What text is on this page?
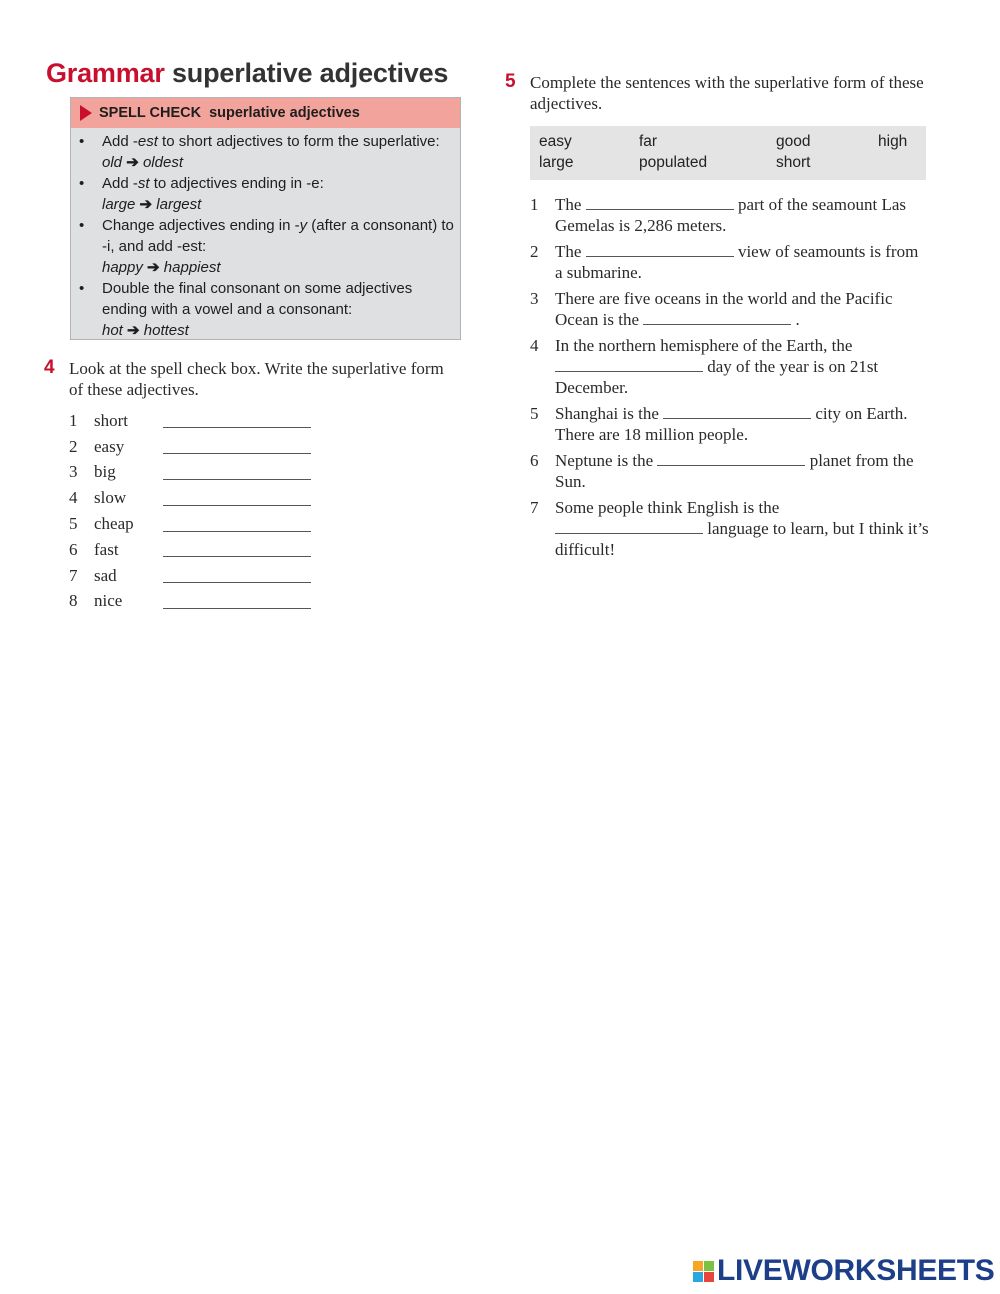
Grammar superlative adjectives
SPELL CHECK superlative adjectives
• Add -est to short adjectives to form the superlative: old ➔ oldest
• Add -st to adjectives ending in -e:
large ➔ largest
• Change adjectives ending in -y (after a consonant) to -i, and add -est:
happy ➔ happiest
• Double the final consonant on some adjectives ending with a vowel and a consonant:
hot ➔ hottest
4 Look at the spell check box. Write the superlative form of these adjectives.
1 short
2 easy
3 big
4 slow
5 cheap
6 fast
7 sad
8 nice
5 Complete the sentences with the superlative form of these adjectives.
easy	far	good	high
large	populated	short
1 The	part of the seamount Las Gemelas is 2,286 meters.
2 The	view of seamounts is from a submarine.
3 There are five oceans in the world and the Pacific Ocean is the	.
4 In the northern hemisphere of the Earth, the  day of the year is on 21st December.
5 Shanghai is the	city on Earth. There are 18 million people.
6 Neptune is the	planet from the Sun.
7 Some people think English is the  language to learn, but I think it’s difficult!
LIVEWORKSHEETS
